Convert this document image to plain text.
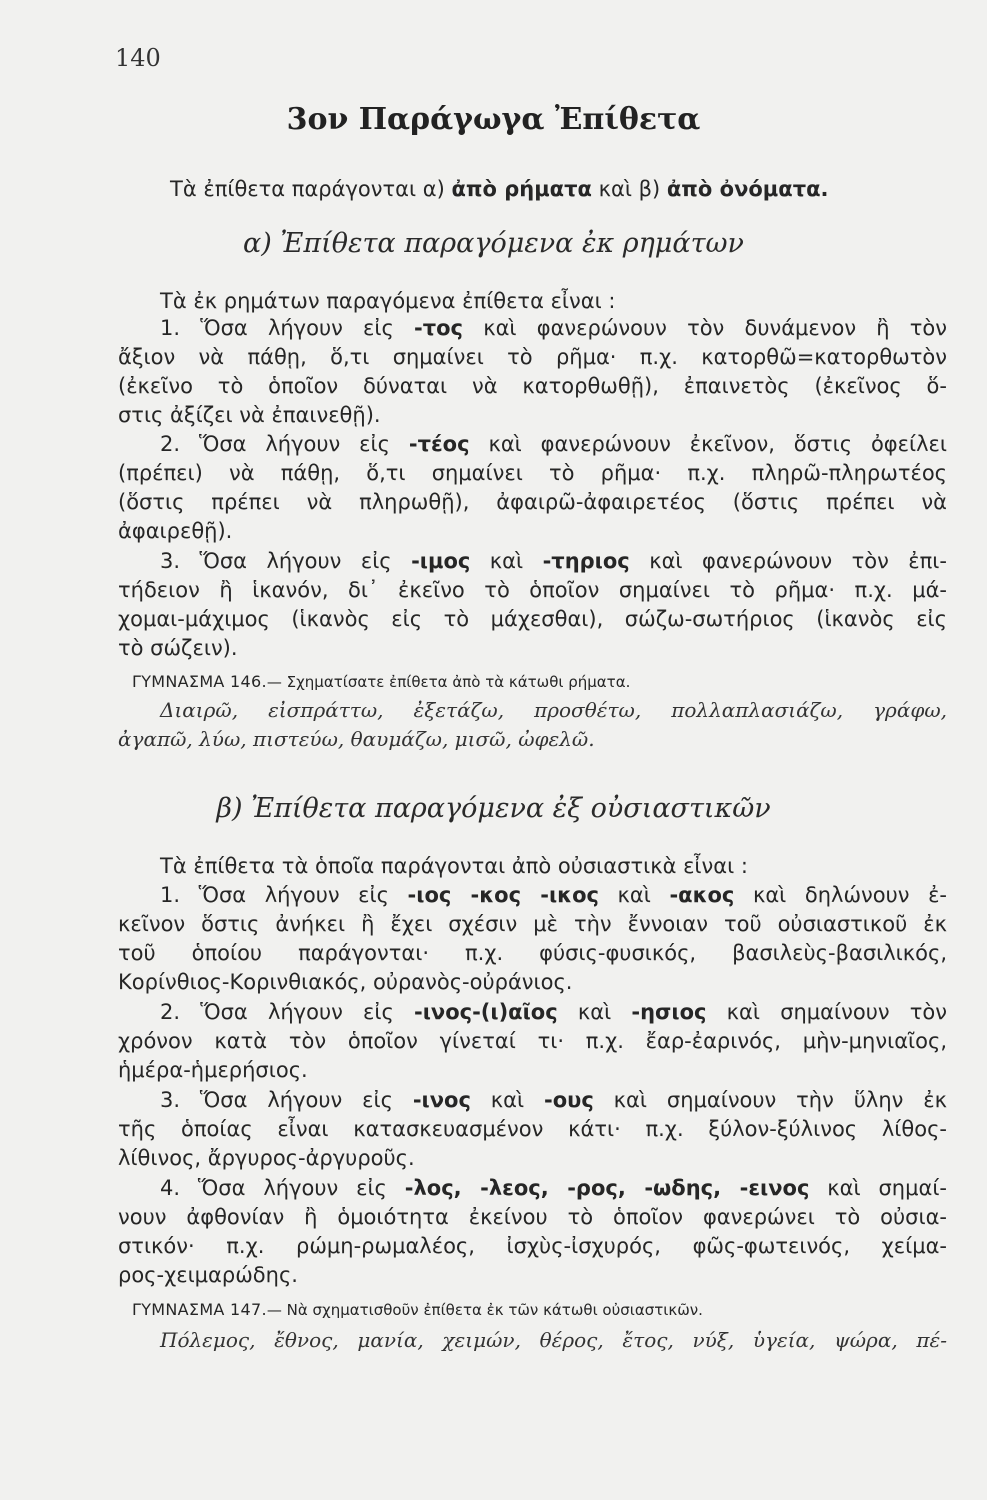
140
3ον Παράγωγα Ἐπίθετα
Τὰ ἐπίθετα παράγονται α) ἀπὸ ρήματα καὶ β) ἀπὸ ὀνόματα.
α) Ἐπίθετα παραγόμενα ἐκ ρημάτων
Τὰ ἐκ ρημάτων παραγόμενα ἐπίθετα εἶναι :
1. Ὅσα λήγουν εἰς -τος καὶ φανερώνουν τὸν δυνάμενον ἢ τὸν
ἄξιον νὰ πάθῃ, ὅ,τι σημαίνει τὸ ρῆμα· π.χ. κατορθῶ=κατορθωτὸν
(ἐκεῖνο τὸ ὁποῖον δύναται νὰ κατορθωθῇ), ἐπαινετὸς (ἐκεῖνος ὅ-
στις ἀξίζει νὰ ἐπαινεθῇ).
2. Ὅσα λήγουν εἰς -τέος καὶ φανερώνουν ἐκεῖνον, ὅστις ὀφείλει
(πρέπει) νὰ πάθῃ, ὅ,τι σημαίνει τὸ ρῆμα· π.χ. πληρῶ-πληρωτέος
(ὅστις πρέπει νὰ πληρωθῇ), ἀφαιρῶ-ἀφαιρετέος (ὅστις πρέπει νὰ
ἀφαιρεθῇ).
3. Ὅσα λήγουν εἰς -ιμος καὶ -τηριος καὶ φανερώνουν τὸν ἐπι-
τήδειον ἢ ἱκανόν, δι᾿ ἐκεῖνο τὸ ὁποῖον σημαίνει τὸ ρῆμα· π.χ. μά-
χομαι-μάχιμος (ἱκανὸς εἰς τὸ μάχεσθαι), σώζω-σωτήριος (ἱκανὸς εἰς
τὸ σώζειν).
ΓΥΜΝΑΣΜΑ 146.— Σχηματίσατε ἐπίθετα ἀπὸ τὰ κάτωθι ρήματα.
Διαιρῶ, εἰσπράττω, ἐξετάζω, προσθέτω, πολλαπλασιάζω, γράφω,
ἀγαπῶ, λύω, πιστεύω, θαυμάζω, μισῶ, ὠφελῶ.
β) Ἐπίθετα παραγόμενα ἐξ οὐσιαστικῶν
Τὰ ἐπίθετα τὰ ὁποῖα παράγονται ἀπὸ οὐσιαστικὰ εἶναι :
1. Ὅσα λήγουν εἰς -ιος -κος -ικος καὶ -ακος καὶ δηλώνουν ἐ-
κεῖνον ὅστις ἀνήκει ἢ ἔχει σχέσιν μὲ τὴν ἔννοιαν τοῦ οὐσιαστικοῦ ἐκ
τοῦ ὁποίου παράγονται· π.χ. φύσις-φυσικός, βασιλεὺς-βασιλικός,
Κορίνθιος-Κορινθιακός, οὐρανὸς-οὐράνιος.
2. Ὅσα λήγουν εἰς -ινος-(ι)αῖος καὶ -ησιος καὶ σημαίνουν τὸν
χρόνον κατὰ τὸν ὁποῖον γίνεταί τι· π.χ. ἔαρ-ἐαρινός, μὴν-μηνιαῖος,
ἡμέρα-ἡμερήσιος.
3. Ὅσα λήγουν εἰς -ινος καὶ -ους καὶ σημαίνουν τὴν ὕλην ἐκ
τῆς ὁποίας εἶναι κατασκευασμένον κάτι· π.χ. ξύλον-ξύλινος λίθος-
λίθινος, ἄργυρος-ἀργυροῦς.
4. Ὅσα λήγουν εἰς -λος, -λεος, -ρος, -ωδης, -εινος καὶ σημαί-
νουν ἀφθονίαν ἢ ὁμοιότητα ἐκείνου τὸ ὁποῖον φανερώνει τὸ οὐσια-
στικόν· π.χ. ρώμη-ρωμαλέος, ἰσχὺς-ἰσχυρός, φῶς-φωτεινός, χείμα-
ρος-χειμαρώδης.
ΓΥΜΝΑΣΜΑ 147.— Νὰ σχηματισθοῦν ἐπίθετα ἐκ τῶν κάτωθι οὐσιαστικῶν.
Πόλεμος, ἔθνος, μανία, χειμών, θέρος, ἔτος, νύξ, ὑγεία, ψώρα, πέ-
